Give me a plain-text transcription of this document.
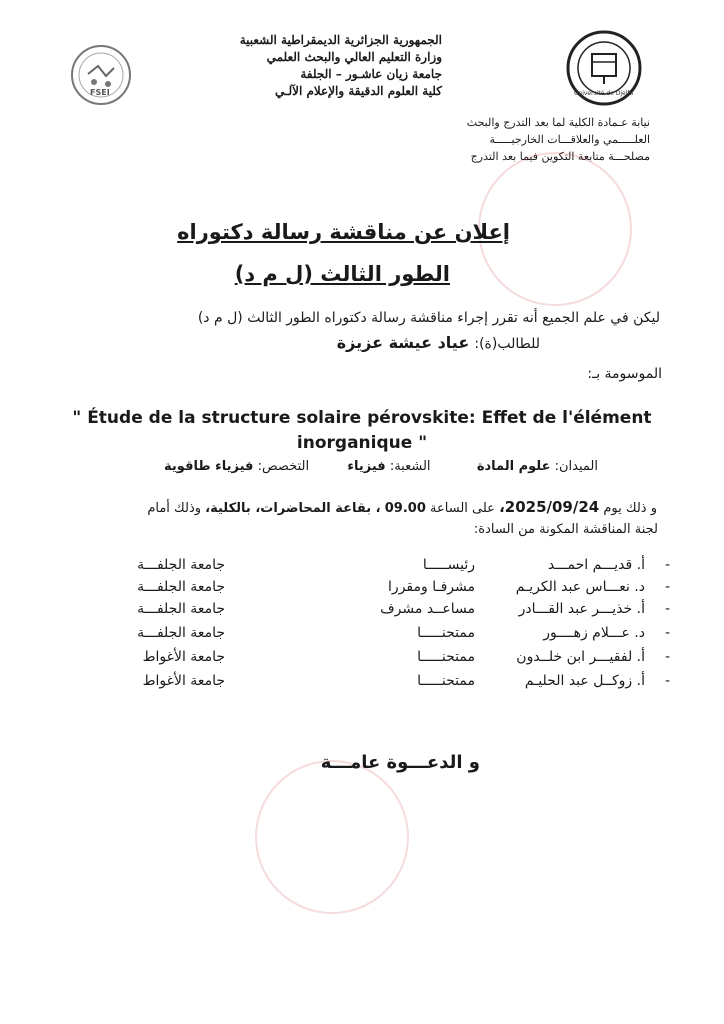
FSEI
الجمهورية الجزائرية الديمقراطية الشعبية
وزارة التعليم العالي والبحث العلمي
جامعة زيان عاشـور – الجلفة
كلية العلوم الدقيقة والإعلام الآلـي	Université de Djelfa
نيابة عـمادة الكلية لما بعد التدرج والبحث
العلـــــمي والعلاقـــات الخارجيـــــة
مصلحـــة متابعة التكوين فيما بعد التدرج
إعلان عن مناقشة رسالة دكتوراه
الطور الثالث (ل م د)
ليكن في علم الجميع أنه تقرر إجراء مناقشة رسالة دكتوراه الطور الثالث (ل م د)
للطالب(ة): عياد عيشة عزيزة
الموسومة بـ:
" Étude de la structure solaire pérovskite: Effet de l'élément inorganique "
الميدان: علوم المادة  الشعبة: فيزياء  التخصص: فيزياء طاقوية
و ذلك يوم 2025/09/24، على الساعة 09.00 ، بقاعة المحاضرات، بالكلية، وذلك أمام
لجنة المناقشة المكونة من السادة:
-
أ. قديـــم احمـــد
رئيســـــا
جامعة الجلفـــة
-
د. نعـــاس عبد الكريـم
مشرفـا ومقررا
جامعة الجلفـــة
-
أ. خذيـــر عبد القـــادر
مساعــد مشرف
جامعة الجلفـــة
-
د. عـــلام زهــــور
ممتحنـــــا
جامعة الجلفـــة
-
أ. لفقيـــر ابن خلــدون
ممتحنـــــا
جامعة الأغواط
-
أ. زوكــل عبد الحليـم
ممتحنـــــا
جامعة الأغواط
و الدعـــوة عامـــة
